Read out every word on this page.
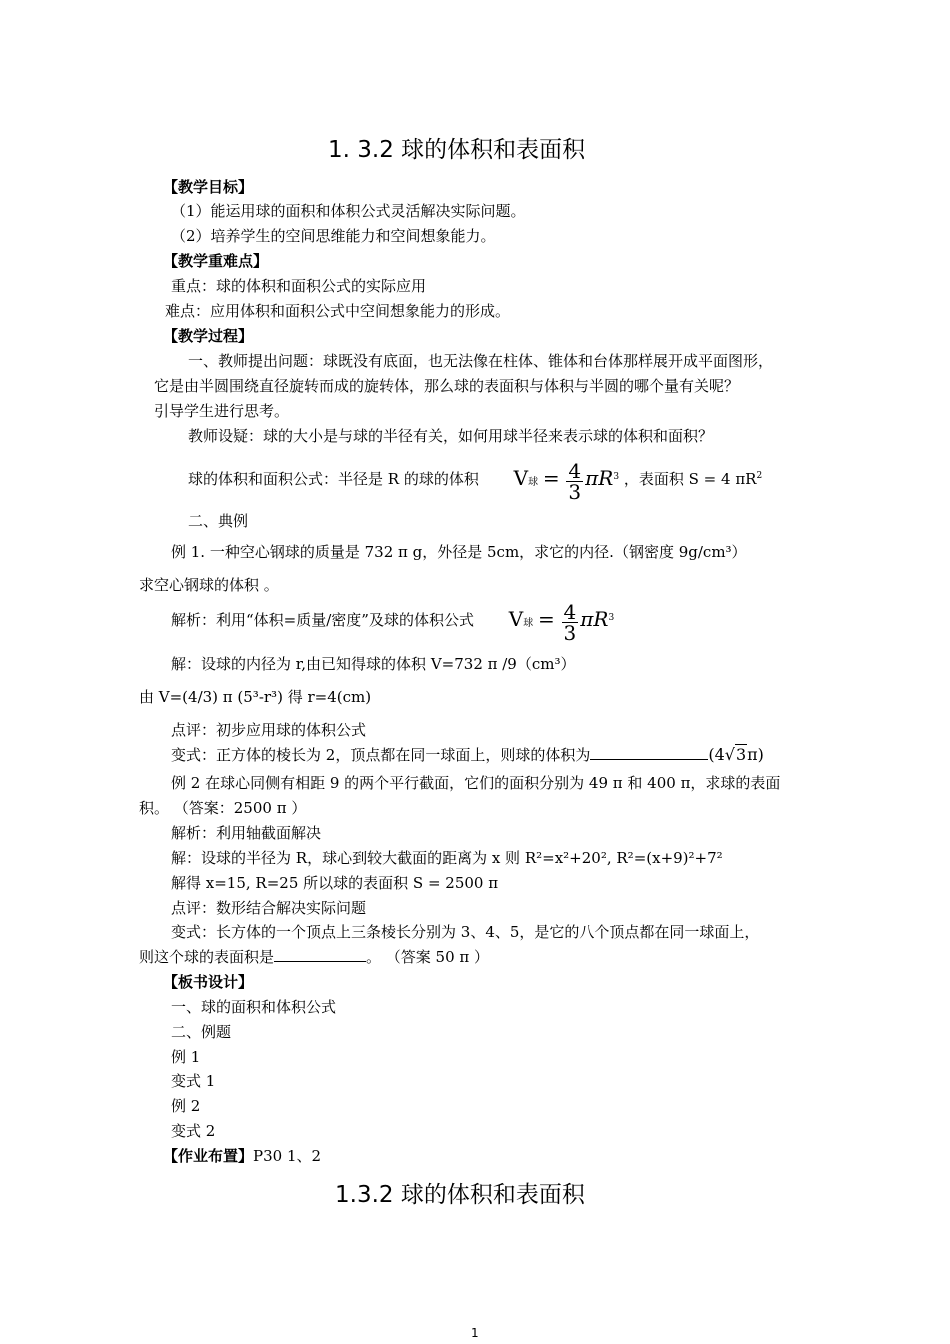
1. 3.2 球的体积和表面积
【教学目标】
（1）能运用球的面积和体积公式灵活解决实际问题。
（2）培养学生的空间思维能力和空间想象能力。
【教学重难点】
重点：球的体积和面积公式的实际应用
难点：应用体积和面积公式中空间想象能力的形成。
【教学过程】
一、教师提出问题：球既没有底面，也无法像在柱体、锥体和台体那样展开成平面图形，
它是由半圆围绕直径旋转而成的旋转体，那么球的表面积与体积与半圆的哪个量有关呢？
引导学生进行思考。
教师设疑：球的大小是与球的半径有关，如何用球半径来表示球的体积和面积？
球的体积和面积公式：半径是 R 的球的体积 V球 = $\frac{4}{3} \pi R^3$ ，表面积 S = 4 $\pi R^2$
二、典例
例 1. 一种空心钢球的质量是 732 π g，外径是 5cm，求它的内径.（钢密度 9g/cm³）
求空心钢球的体积 。
解析：利用“体积=质量/密度”及球的体积公式 V球 = $\frac{4}{3} \pi R^3$
解：设球的内径为 r,由已知得球的体积 V=732 π /9（cm³）
由 V=(4/3) π (5³-r³) 得 r=4(cm)
点评：初步应用球的体积公式
变式：正方体的棱长为 2，顶点都在同一球面上，则球的体积为	(4√3π)
例 2 在球心同侧有相距 9 的两个平行截面，它们的面积分别为 49 π 和 400 π，求球的表面
积。 （答案：2500 π ）
解析：利用轴截面解决
解：设球的半径为 R，球心到较大截面的距离为 x 则 R²=x²+20², R²=(x+9)²+7²
解得 x=15, R=25 所以球的表面积 S = 2500 π
点评：数形结合解决实际问题
变式：长方体的一个顶点上三条棱长分别为 3、4、5，是它的八个顶点都在同一球面上，
则这个球的表面积是	。 （答案 50 π ）
【板书设计】
一、球的面积和体积公式
二、例题
例 1
变式 1
例 2
变式 2
【作业布置】P30 1、2
1.3.2 球的体积和表面积
1
